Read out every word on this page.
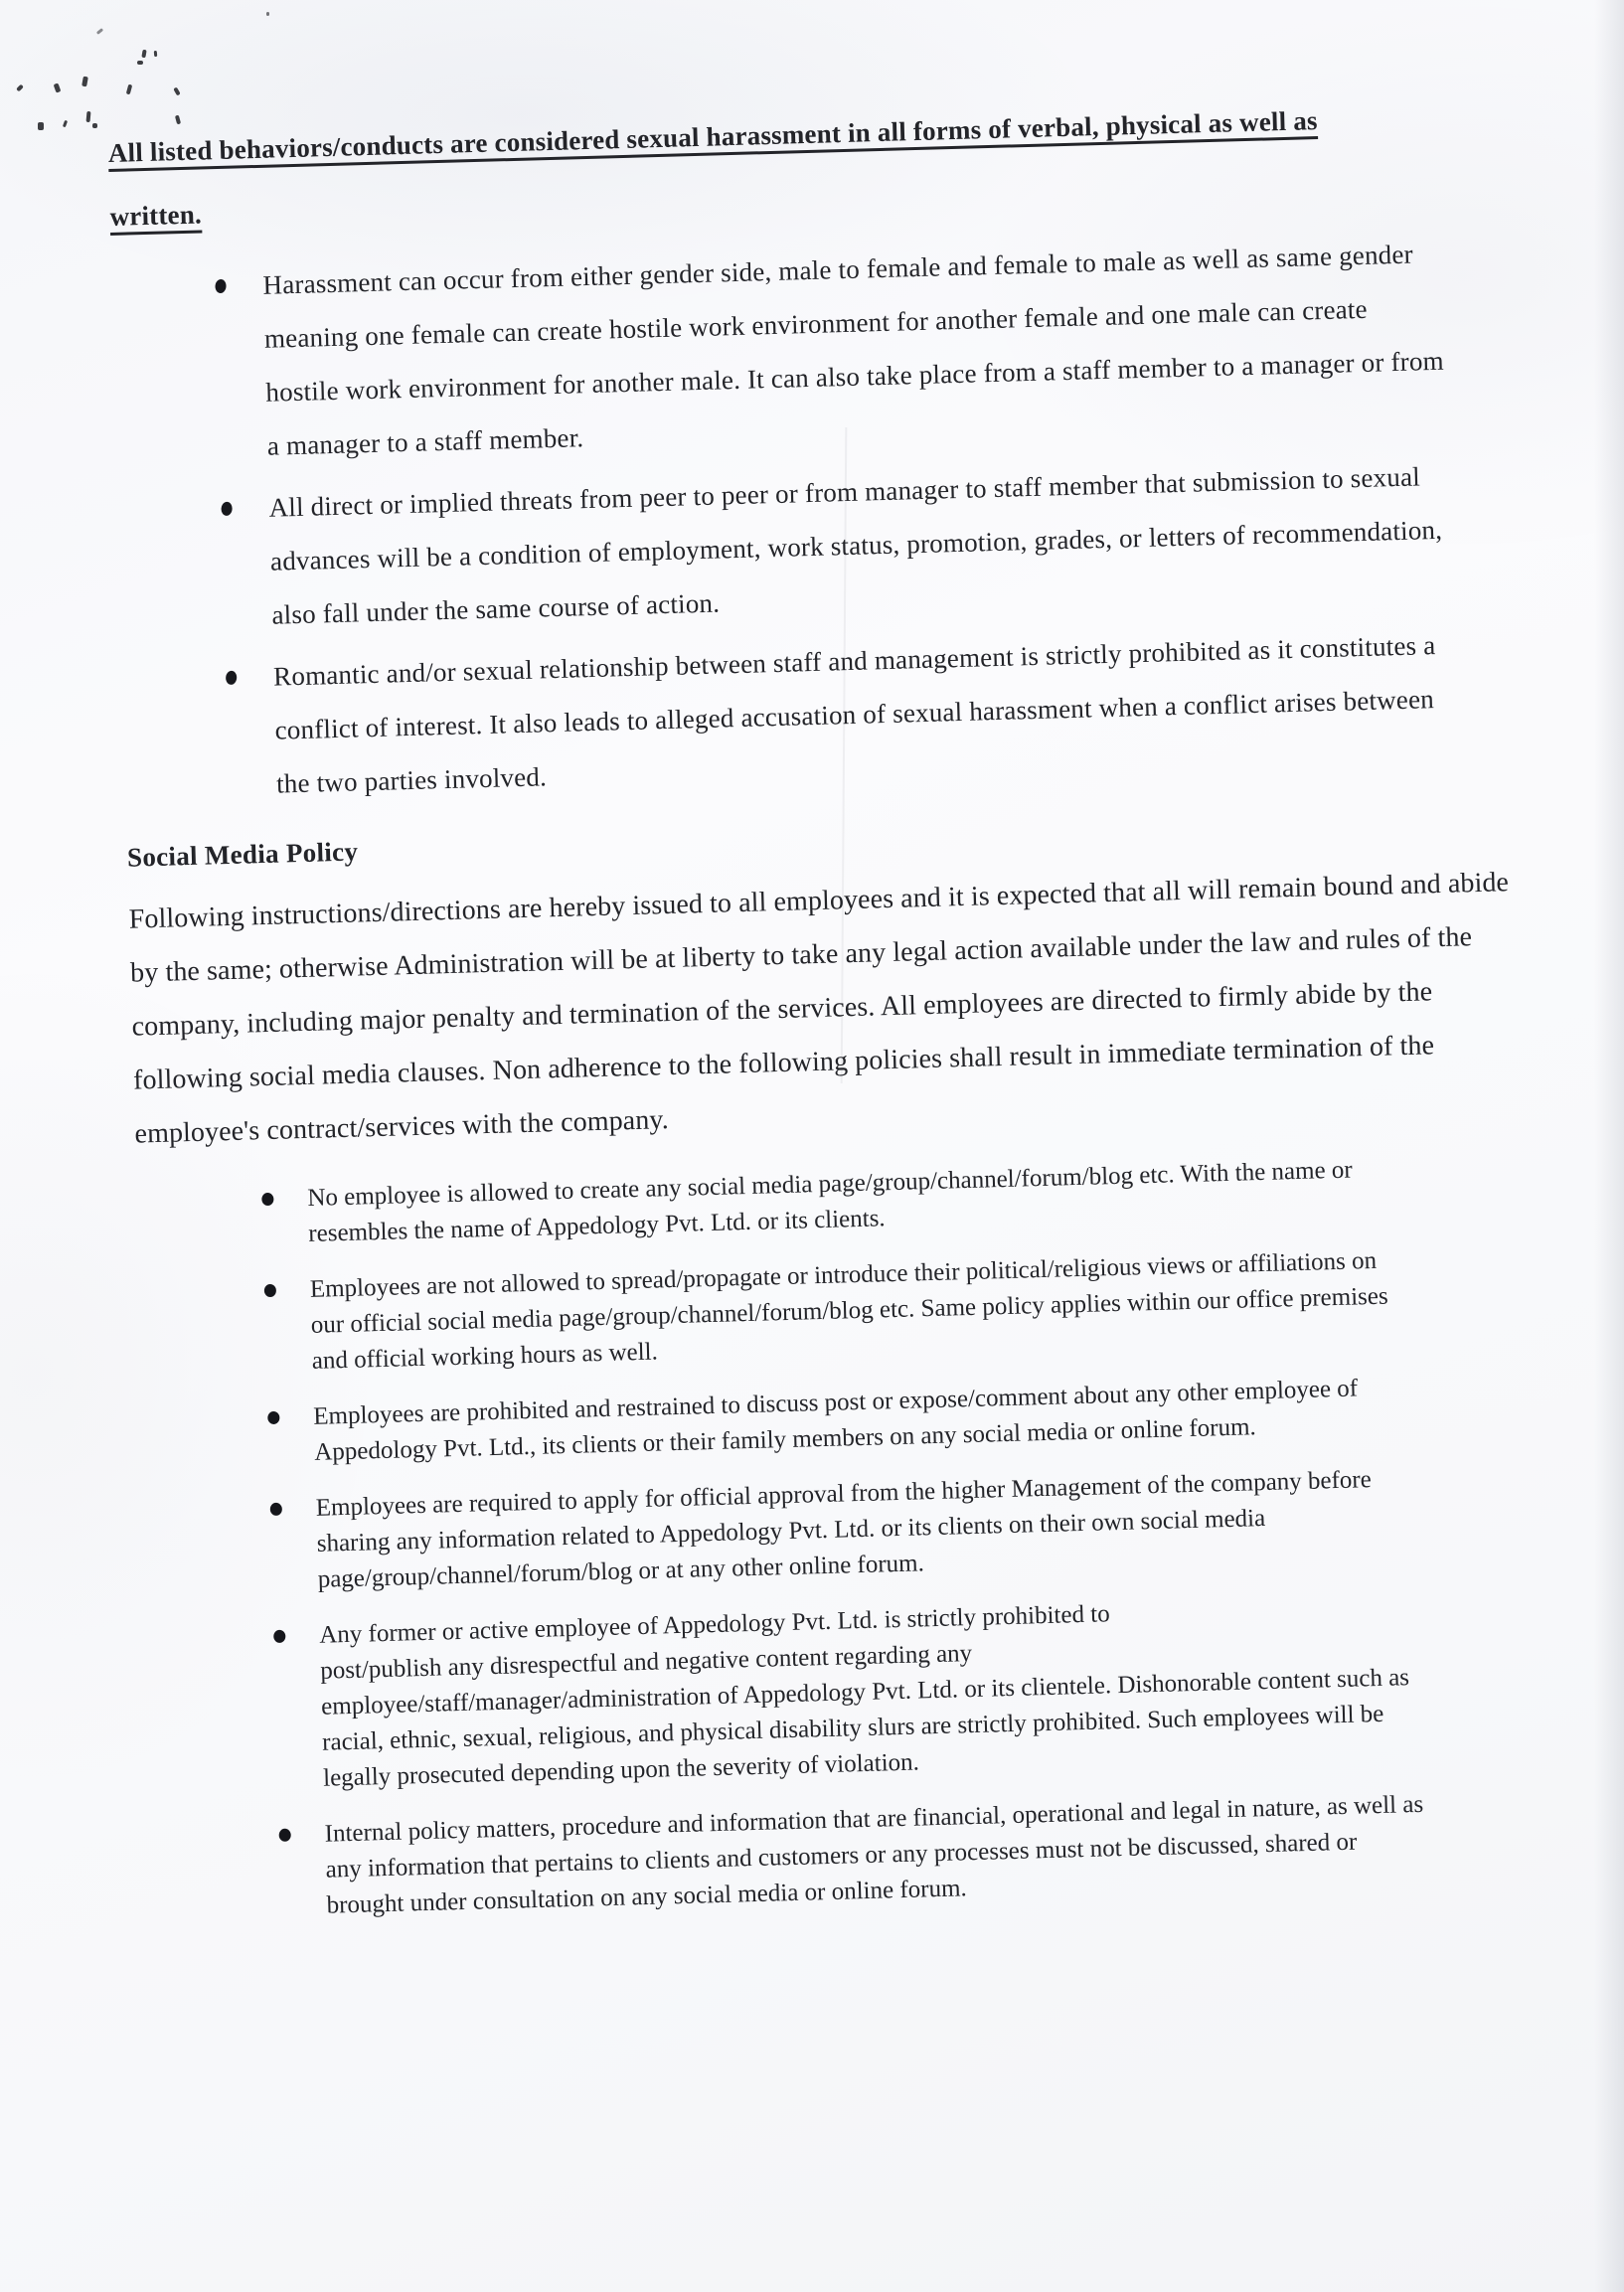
All listed behaviors/conducts are considered sexual harassment in all forms of verbal, physical as well as
written.

Harassment can occur from either gender side, male to female and female to male as well as same gender meaning one female can create hostile work environment for another female and one male can create hostile work environment for another male. It can also take place from a staff member to a manager or from a manager to a staff member.
All direct or implied threats from peer to peer or from manager to staff member that submission to sexual advances will be a condition of employment, work status, promotion, grades, or letters of recommendation, also fall under the same course of action.
Romantic and/or sexual relationship between staff and management is strictly prohibited as it constitutes a conflict of interest. It also leads to alleged accusation of sexual harassment when a conflict arises between the two parties involved.
Social Media Policy

Following instructions/directions are hereby issued to all employees and it is expected that all will remain bound and abide by the same; otherwise Administration will be at liberty to take any legal action available under the law and rules of the company, including major penalty and termination of the services. All employees are directed to firmly abide by the following social media clauses. Non adherence to the following policies shall result in immediate termination of the employee's contract/services with the company.

No employee is allowed to create any social media page/group/channel/forum/blog etc. With the name or resembles the name of Appedology Pvt. Ltd. or its clients.
Employees are not allowed to spread/propagate or introduce their political/religious views or affiliations on our official social media page/group/channel/forum/blog etc. Same policy applies within our office premises and official working hours as well.
Employees are prohibited and restrained to discuss post or expose/comment about any other employee of Appedology Pvt. Ltd., its clients or their family members on any social media or online forum.
Employees are required to apply for official approval from the higher Management of the company before sharing any information related to Appedology Pvt. Ltd. or its clients on their own social media page/group/channel/forum/blog or at any other online forum.
Any former or active employee of Appedology Pvt. Ltd. is strictly prohibited to
post/publish any disrespectful and negative content regarding any
employee/staff/manager/administration of Appedology Pvt. Ltd. or its clientele. Dishonorable content such as racial, ethnic, sexual, religious, and physical disability slurs are strictly prohibited. Such employees will be legally prosecuted depending upon the severity of violation.
Internal policy matters, procedure and information that are financial, operational and legal in nature, as well as any information that pertains to clients and customers or any processes must not be discussed, shared or brought under consultation on any social media or online forum.
